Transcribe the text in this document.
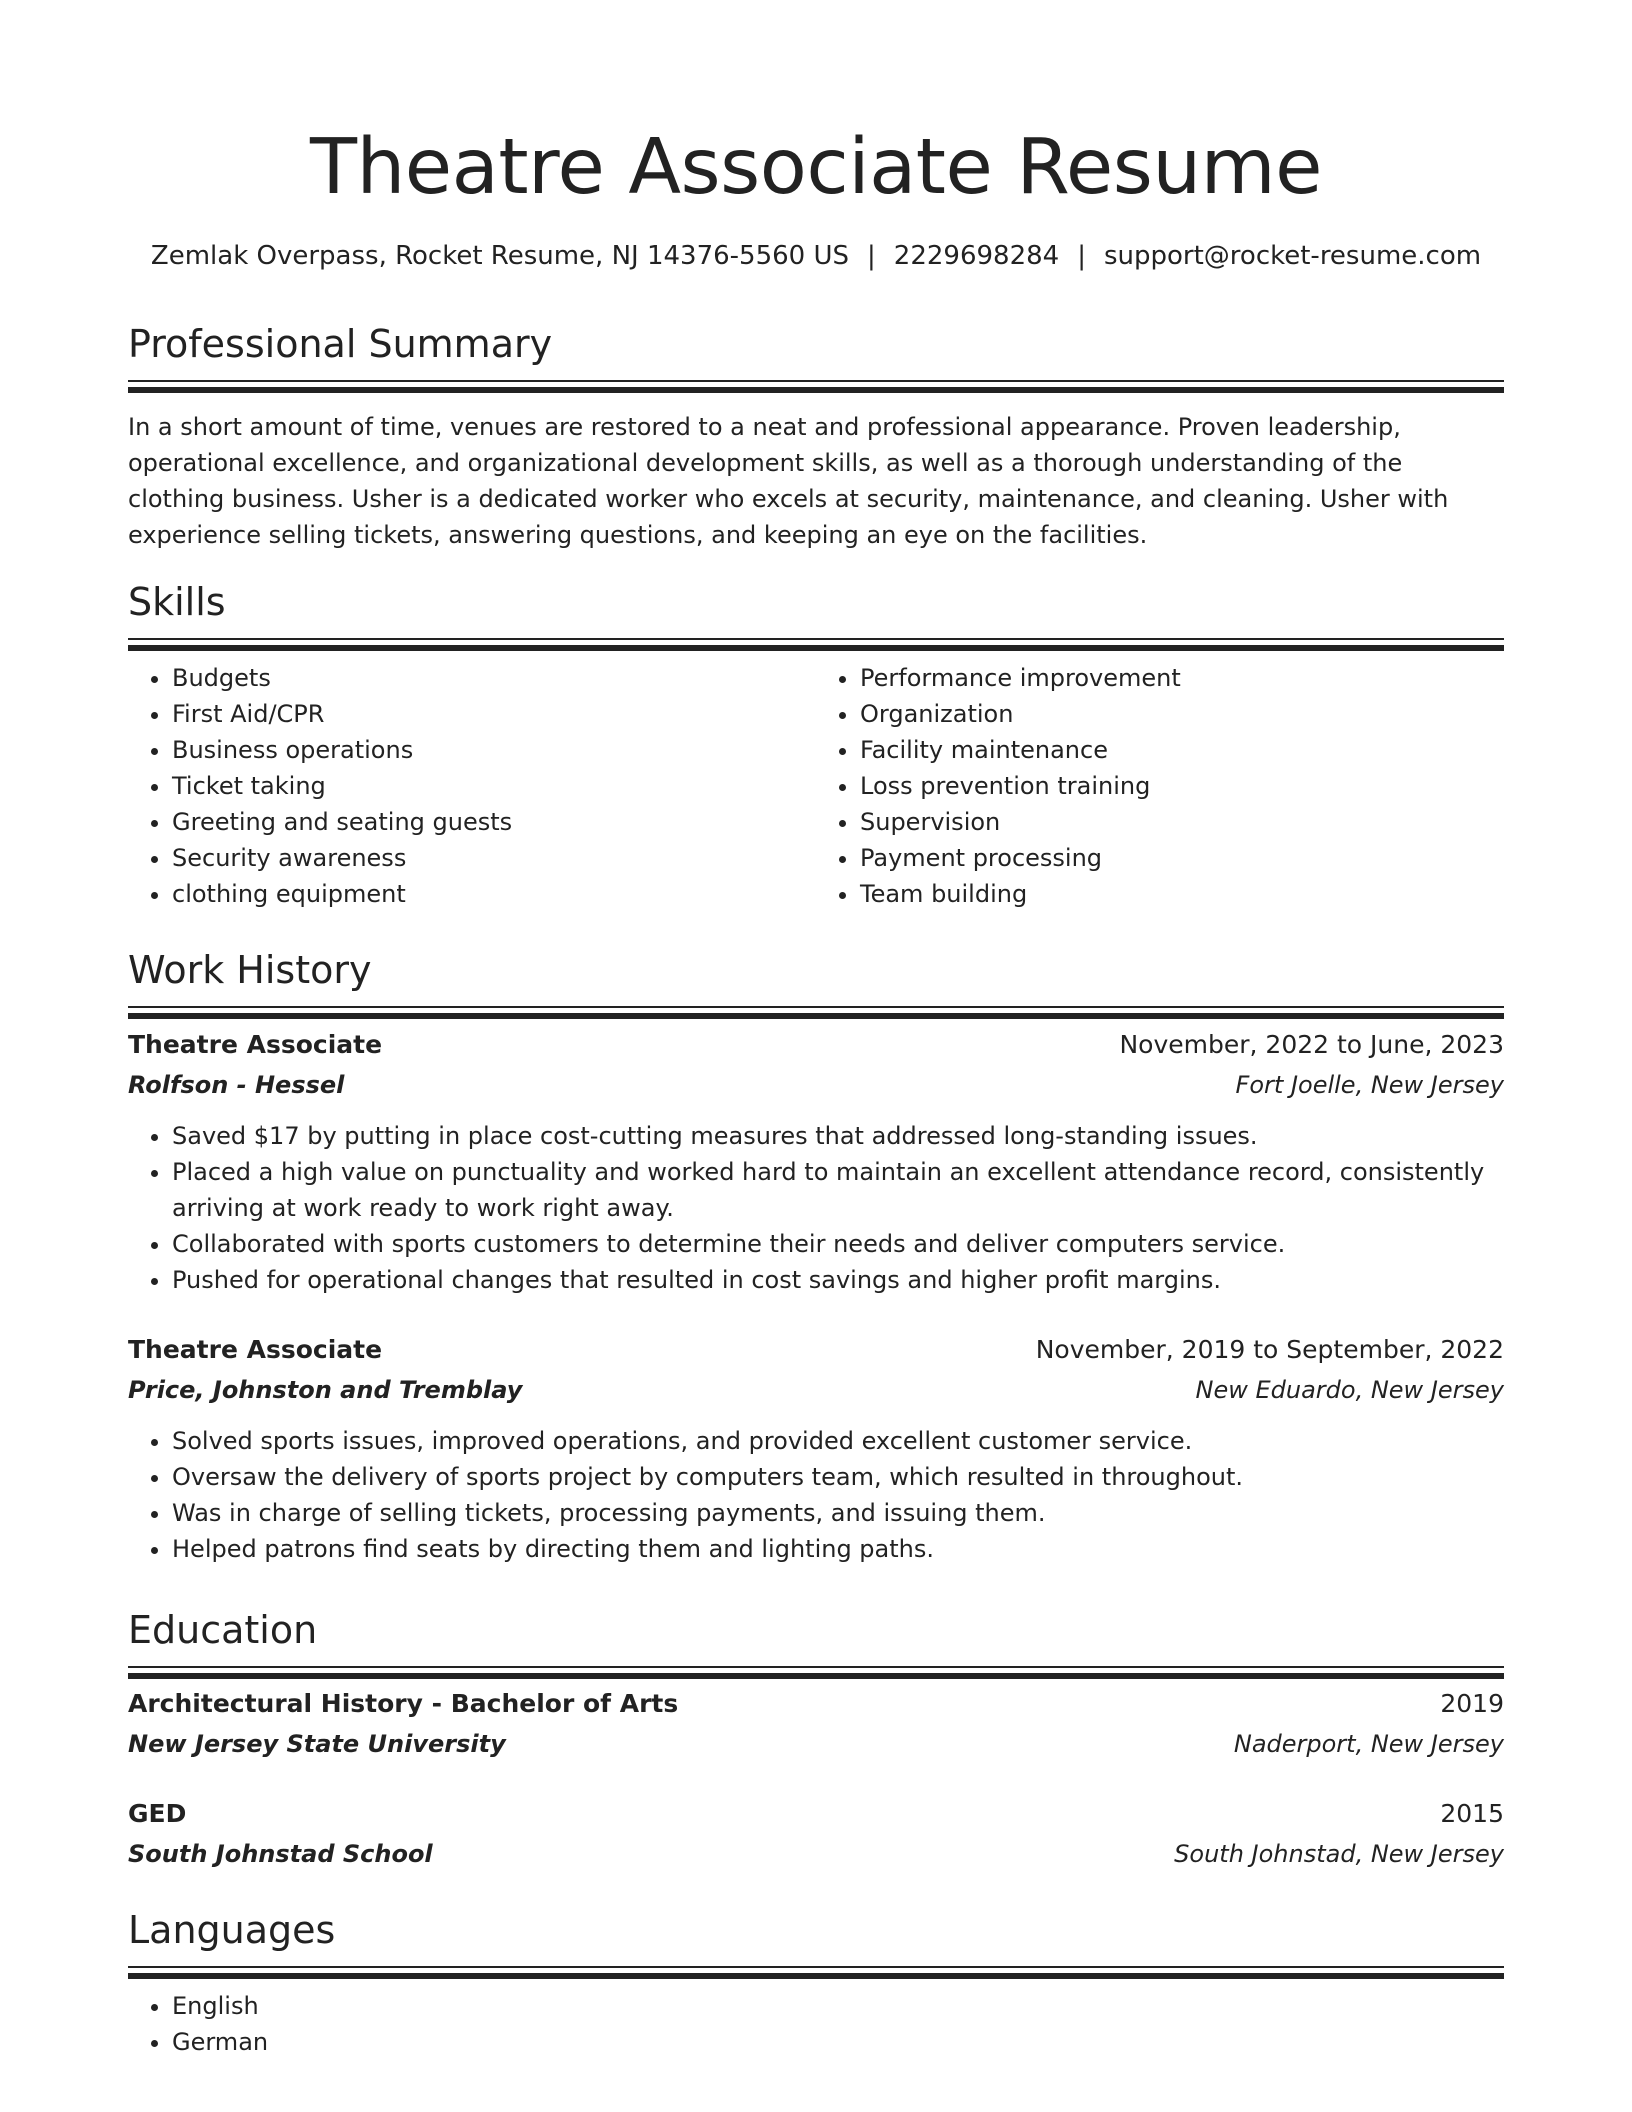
Theatre Associate Resume
Zemlak Overpass, Rocket Resume, NJ 14376-5560 US | 2229698284 | support@rocket-resume.com
Professional Summary

In a short amount of time, venues are restored to a neat and professional appearance. Proven leadership, operational excellence, and organizational development skills, as well as a thorough understanding of the clothing business. Usher is a dedicated worker who excels at security, maintenance, and cleaning. Usher with experience selling tickets, answering questions, and keeping an eye on the facilities.

Skills
• Budgets
• First Aid/CPR
• Business operations
• Ticket taking
• Greeting and seating guests
• Security awareness
• clothing equipment
• Performance improvement
• Organization
• Facility maintenance
• Loss prevention training
• Supervision
• Payment processing
• Team building
Work History
Theatre Associate	November, 2022 to June, 2023
Rolfson - Hessel	Fort Joelle, New Jersey
• Saved $17 by putting in place cost-cutting measures that addressed long-standing issues.
• Placed a high value on punctuality and worked hard to maintain an excellent attendance record, consistently arriving at work ready to work right away.
• Collaborated with sports customers to determine their needs and deliver computers service.
• Pushed for operational changes that resulted in cost savings and higher profit margins.
Theatre Associate	November, 2019 to September, 2022
Price, Johnston and Tremblay	New Eduardo, New Jersey
• Solved sports issues, improved operations, and provided excellent customer service.
• Oversaw the delivery of sports project by computers team, which resulted in throughout.
• Was in charge of selling tickets, processing payments, and issuing them.
• Helped patrons find seats by directing them and lighting paths.
Education
Architectural History - Bachelor of Arts	2019
New Jersey State University	Naderport, New Jersey
GED	2015
South Johnstad School	South Johnstad, New Jersey
Languages
• English
• German
